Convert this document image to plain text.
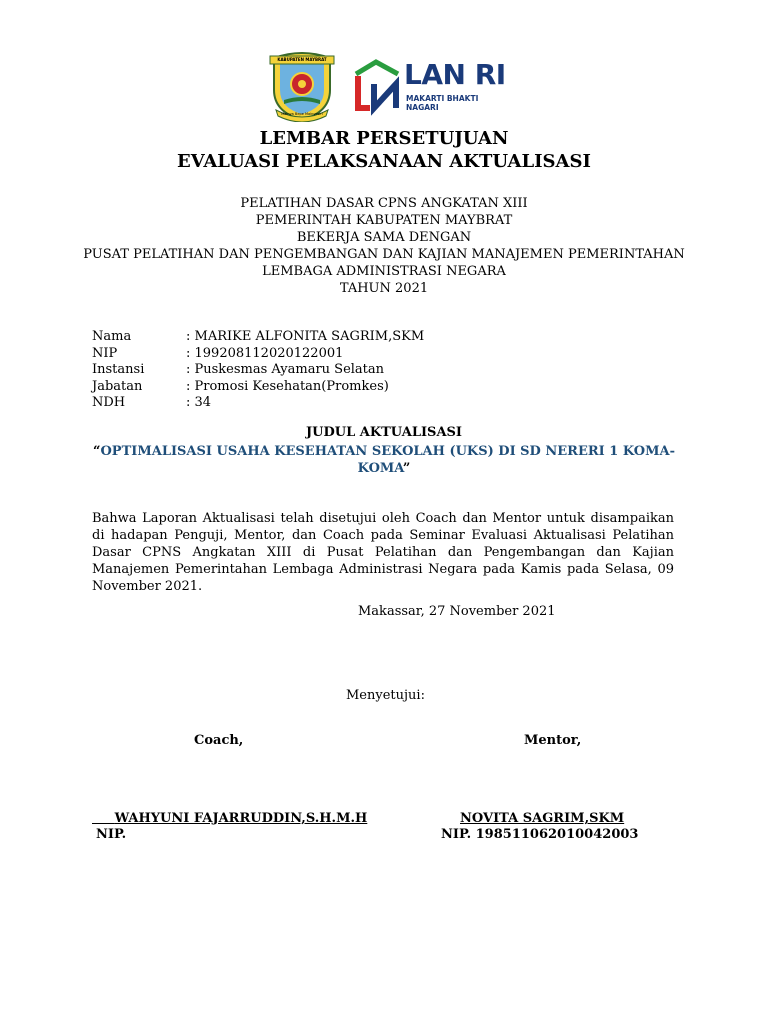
KABUPATEN MAYBRAT
Mainya Bepe Mainyesiri
LAN RI
MAKARTI BHAKTI NAGARI
LEMBAR PERSETUJUAN
EVALUASI PELAKSANAAN AKTUALISASI
PELATIHAN DASAR CPNS ANGKATAN XIII
PEMERINTAH KABUPATEN MAYBRAT
BEKERJA SAMA DENGAN
PUSAT PELATIHAN DAN PENGEMBANGAN DAN KAJIAN MANAJEMEN PEMERINTAHAN
LEMBAGA ADMINISTRASI NEGARA
TAHUN 2021
Nama	: MARIKE ALFONITA SAGRIM,SKM
NIP	: 199208112020122001
Instansi	: Puskesmas Ayamaru Selatan
Jabatan	: Promosi Kesehatan(Promkes)
NDH	: 34
JUDUL AKTUALISASI
“OPTIMALISASI USAHA KESEHATAN SEKOLAH (UKS) DI SD NERERI 1 KOMA-KOMA”
Bahwa Laporan Aktualisasi telah disetujui oleh Coach dan Mentor untuk disampaikan di hadapan Penguji, Mentor, dan Coach pada Seminar Evaluasi Aktualisasi Pelatihan Dasar CPNS Angkatan XIII di Pusat Pelatihan dan Pengembangan dan Kajian Manajemen Pemerintahan Lembaga Administrasi Negara pada Kamis pada Selasa, 09 November 2021.
Makassar, 27 November 2021
Menyetujui:
Coach,	Mentor,
WAHYUNI FAJARRUDDIN,S.H.M.H	NOVITA SAGRIM,SKM
NIP.	NIP. 198511062010042003
